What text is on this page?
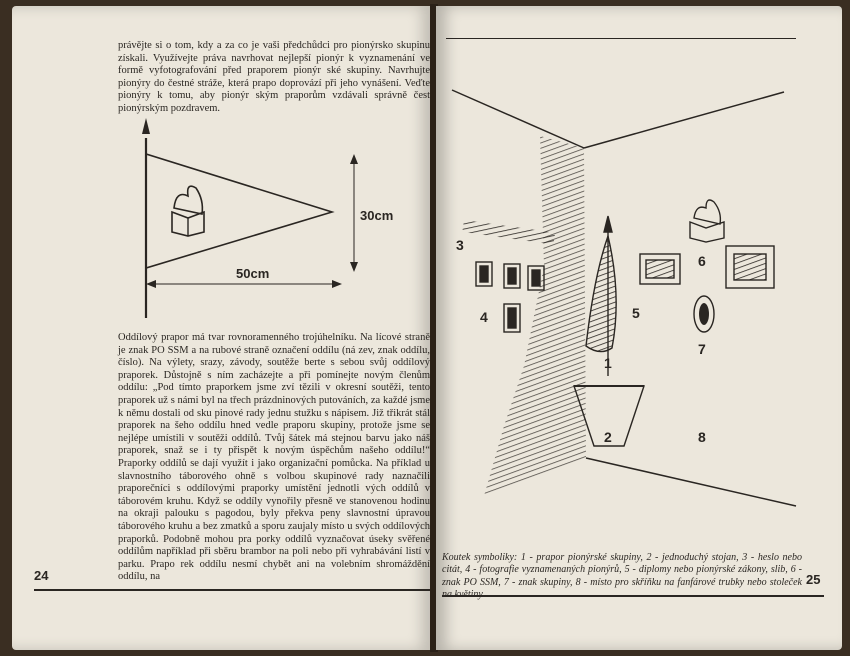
právějte si o tom, kdy a za co je vaši předchůdci pro pionýrsko skupinu získali. Využívejte práva navrhovat nejlepší pionýr k vyznamenání ve formě vyfotografování před praporem pionýr ské skupiny. Navrhujte pionýry do čestné stráže, která prapo doprovází při jeho vynášení. Veďte pionýry k tomu, aby pionýr ským praporům vzdávali správně čest pionýrským pozdravem.

30cm
50cm

Oddílový prapor má tvar rovnoramenného trojúhelníku. Na lícové straně je znak PO SSM a na rubové straně označení oddílu (ná zev, znak oddílu, číslo). Na výlety, srazy, závody, soutěže berte s sebou svůj oddílový praporek. Důstojně s ním zacházejte a při pomínejte novým členům oddílu: „Pod tímto praporkem jsme zví tězili v okresní soutěži, tento praporek už s námi byl na třech prázdninových putováních, za každé jsme k němu dostali od sku pinové rady jednu stužku s nápisem. Již třikrát stál praporek na šeho oddílu hned vedle praporu skupiny, protože jsme se nejlépe umístili v soutěži oddílů. Tvůj šátek má stejnou barvu jako náš praporek, snaž se i ty přispět k novým úspěchům našeho oddílu!“ Praporky oddílů se dají využít i jako organizační pomůcka. Na příklad u slavnostního táborového ohně s volbou skupinové rady naznačili praporečníci s oddílovými praporky umístění jednotli vých oddílů v táborovém kruhu. Když se oddíly vynořily přesně ve stanovenou hodinu na okraji palouku s pagodou, byly překva peny slavnostní úpravou táborového kruhu a bez zmatků a sporu zaujaly místo u svých oddílových praporků. Podobně mohou pra porky oddílů vyznačovat úseky svěřené oddílům například při sběru brambor na poli nebo při vyhrabávání listí v parku. Prapo rek oddílu nesmí chybět ani na volebním shromáždění oddílu, na

24
1
2
3
4	5
6
7
8

Koutek symboliky: 1 - prapor pionýrské skupiny, 2 - jednoduchý stojan, 3 - heslo nebo citát, 4 - fotografie vyznamenaných pionýrů, 5 - diplomy nebo pionýrské zákony, slib, 6 - znak PO SSM, 7 - znak skupiny, 8 - místo pro skříňku na fanfárové trubky nebo stoleček 25
